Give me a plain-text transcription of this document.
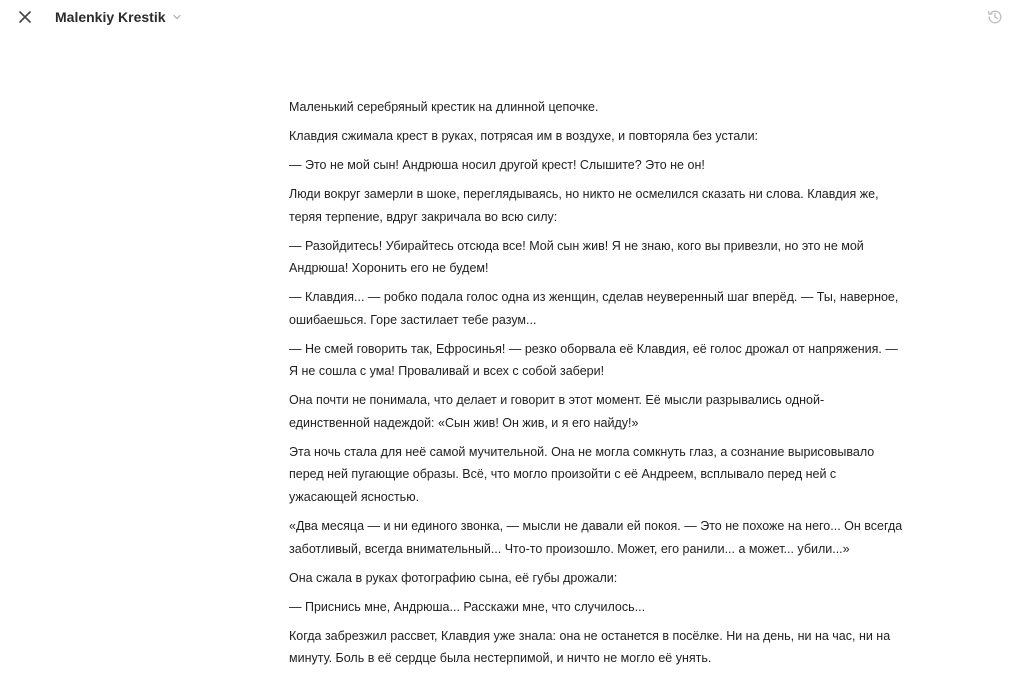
Malenkiy Krestik

Маленький серебряный крестик на длинной цепочке.

Клавдия сжимала крест в руках, потрясая им в воздухе, и повторяла без устали:

— Это не мой сын! Андрюша носил другой крест! Слышите? Это не он!

Люди вокруг замерли в шоке, переглядываясь, но никто не осмелился сказать ни слова. Клавдия же, теряя терпение, вдруг закричала во всю силу:

— Разойдитесь! Убирайтесь отсюда все! Мой сын жив! Я не знаю, кого вы привезли, но это не мой Андрюша! Хоронить его не будем!

— Клавдия... — робко подала голос одна из женщин, сделав неуверенный шаг вперёд. — Ты, наверное, ошибаешься. Горе застилает тебе разум...

— Не смей говорить так, Ефросинья! — резко оборвала её Клавдия, её голос дрожал от напряжения. — Я не сошла с ума! Проваливай и всех с собой забери!

Она почти не понимала, что делает и говорит в этот момент. Её мысли разрывались одной-единственной надеждой: «Сын жив! Он жив, и я его найду!»

Эта ночь стала для неё самой мучительной. Она не могла сомкнуть глаз, а сознание вырисовывало перед ней пугающие образы. Всё, что могло произойти с её Андреем, всплывало перед ней с ужасающей ясностью.

«Два месяца — и ни единого звонка, — мысли не давали ей покоя. — Это не похоже на него... Он всегда заботливый, всегда внимательный... Что-то произошло. Может, его ранили... а может... убили...»

Она сжала в руках фотографию сына, её губы дрожали:

— Приснись мне, Андрюша... Расскажи мне, что случилось...

Когда забрезжил рассвет, Клавдия уже знала: она не останется в посёлке. Ни на день, ни на час, ни на минуту. Боль в её сердце была нестерпимой, и ничто не могло её унять.
